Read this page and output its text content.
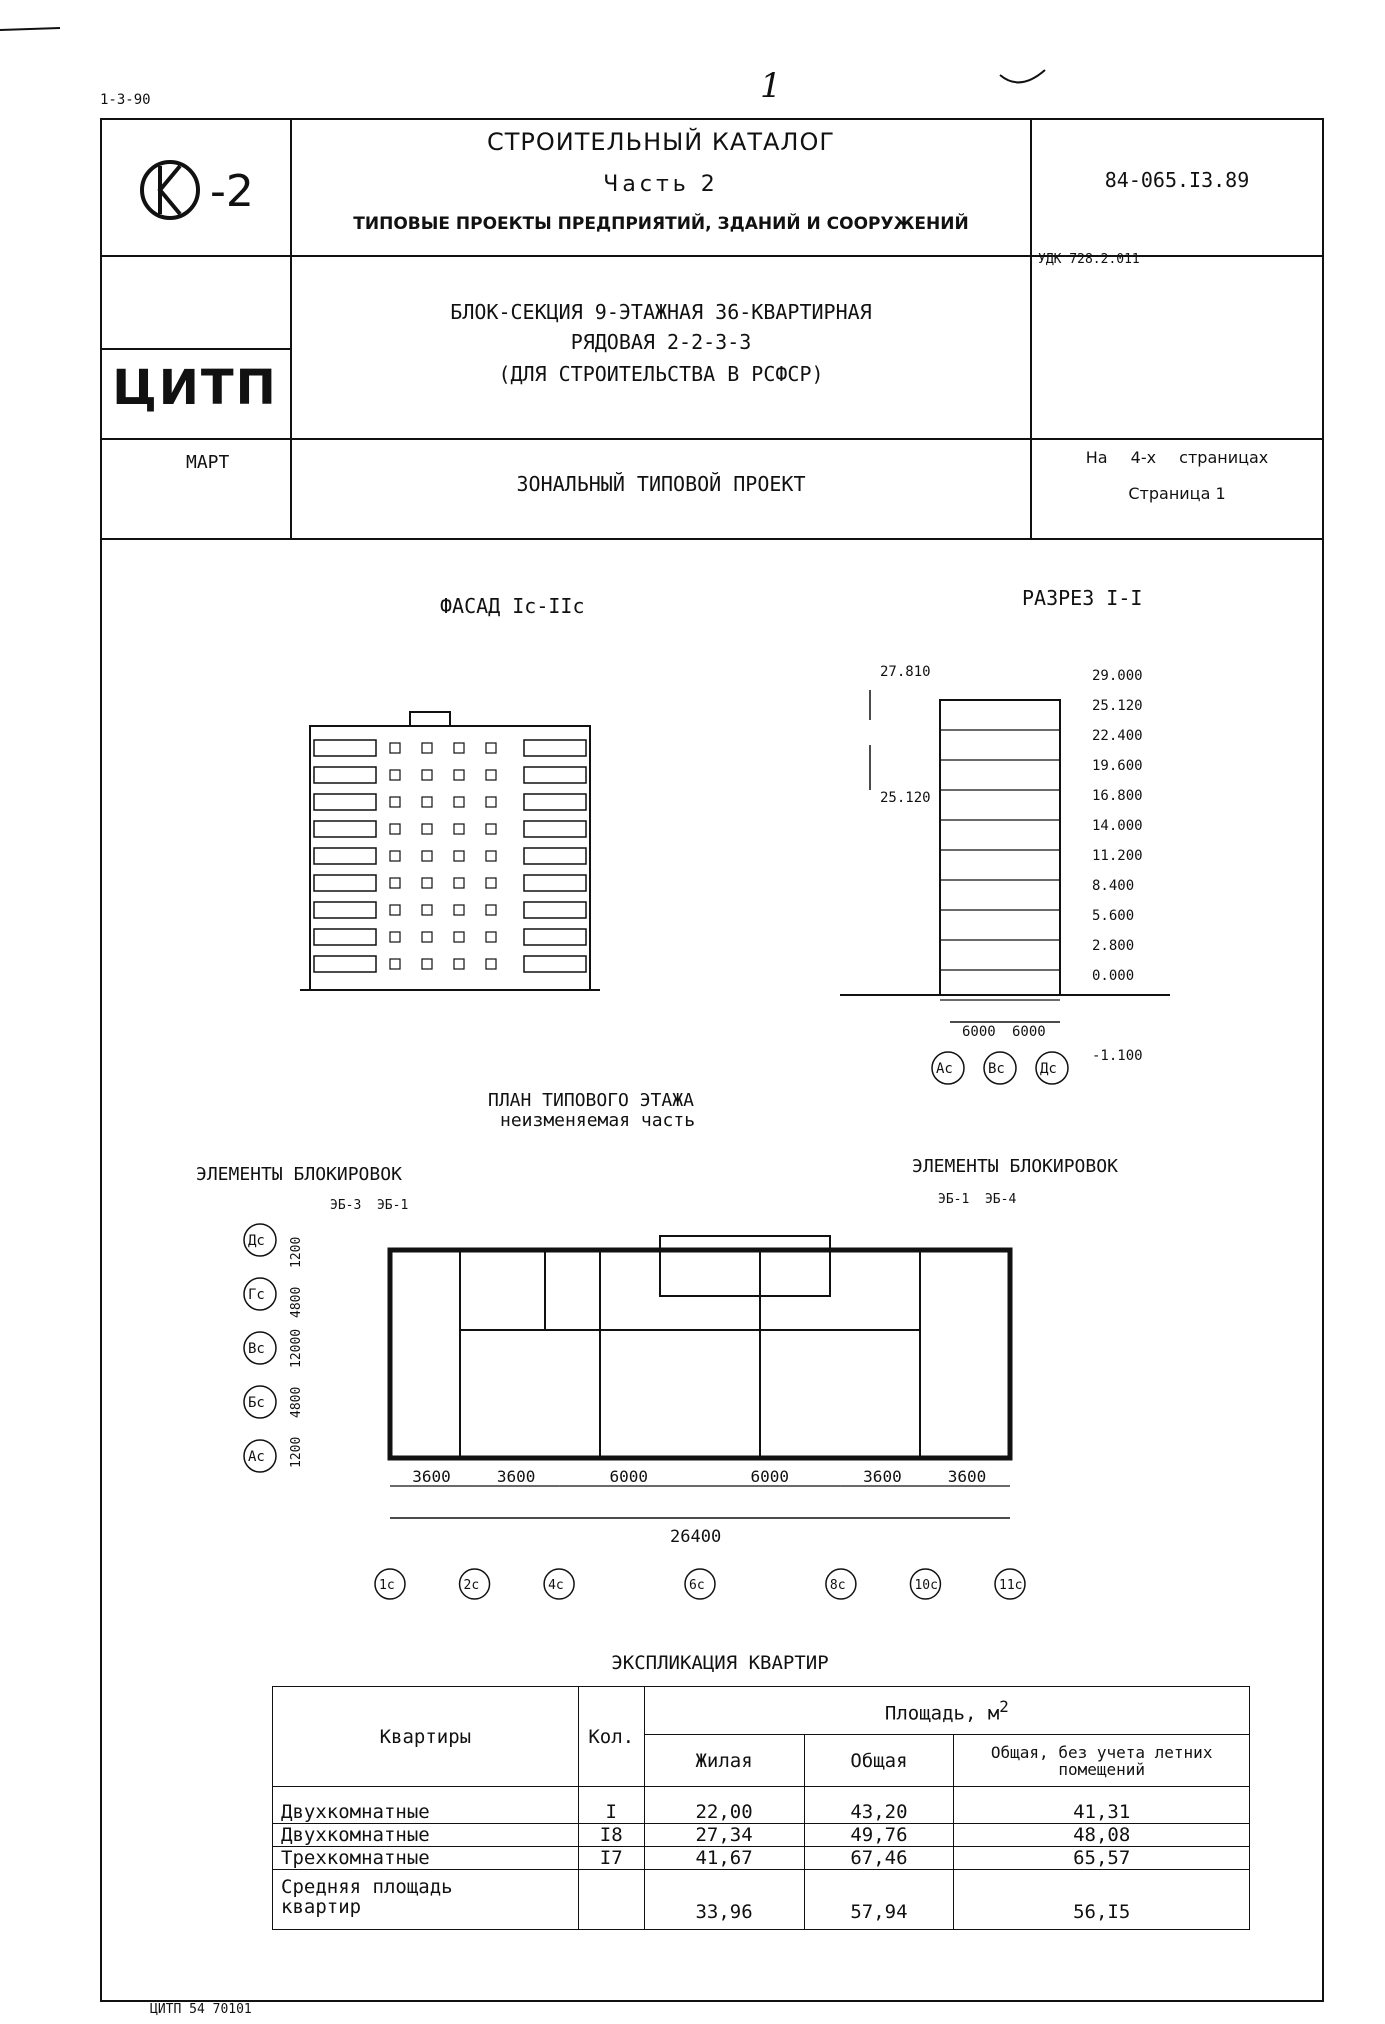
1-3-90	1
-2
ЦИТП
МАРТ
СТРОИТЕЛЬНЫЙ КАТАЛОГ
Часть 2
ТИПОВЫЕ ПРОЕКТЫ ПРЕДПРИЯТИЙ, ЗДАНИЙ И СООРУЖЕНИЙ
БЛОК-СЕКЦИЯ 9-ЭТАЖНАЯ 36-КВАРТИРНАЯ
РЯДОВАЯ 2-2-3-3
(ДЛЯ СТРОИТЕЛЬСТВА В РСФСР)
ЗОНАЛЬНЫЙ ТИПОВОЙ ПРОЕКТ
84-065.I3.89
УДК 728.2.011
На 4-х страницах
Страница 1
ФАСАД Iс-IIс	РАЗРЕЗ I-I
29.000
25.120
22.400
19.600
16.800
14.000
11.200
8.400
5.600
2.800
0.000
-1.100
27.810
25.120
6000 6000
Ас	Вс	Дс
ПЛАН ТИПОВОГО ЭТАЖА
неизменяемая часть
ЭЛЕМЕНТЫ БЛОКИРОВОК
ЭБ-3  ЭБ-1
ЭЛЕМЕНТЫ БЛОКИРОВОК
ЭБ-1  ЭБ-4
Дс
Гс
Вс
Бс
Ас
1200
4800
12000
4800
1200
3600	3600	6000	6000	3600	3600
26400
1с	2с	4с	6с	8с	10с	11с
ЭКСПЛИКАЦИЯ КВАРТИР
Квартиры	Кол.	Площадь, $м^2$
		Жилая	Общая	Общая, без учета летних помещений
Двухкомнатные	I	22,00	43,20	41,31
Двухкомнатные	I8	27,34	49,76	48,08
Трехкомнатные	I7	41,67	67,46	65,57
Средняя площадь
квартир		33,96	57,94	56,I5
ЦИТП 54 70101
